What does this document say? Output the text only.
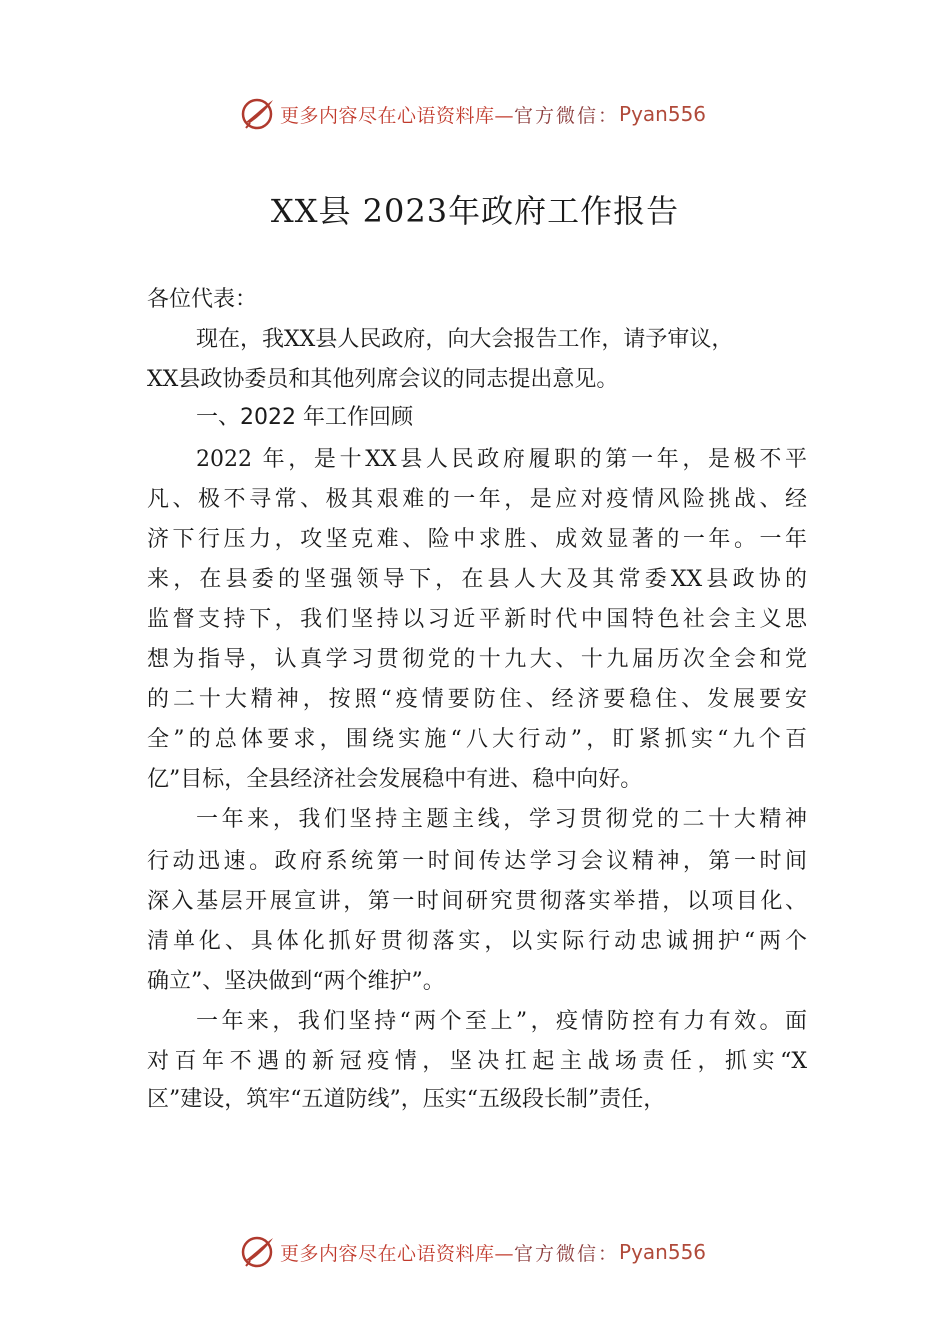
更多内容尽在心语资料库— 官方微信： Pyan556
XX县 2023年政府工作报告
各位代表：
现在，我XX县人民政府，向大会报告工作，请予审议，
XX县政协委员和其他列席会议的同志提出意见。
一、2022 年工作回顾
2022 年，是十XX县人民政府履职的第一年，是极不平
凡、极不寻常、极其艰难的一年，是应对疫情风险挑战、经
济下行压力，攻坚克难、险中求胜、成效显著的一年。一年
来，在县委的坚强领导下，在县人大及其常委XX县政协的
监督支持下，我们坚持以习近平新时代中国特色社会主义思
想为指导，认真学习贯彻党的十九大、十九届历次全会和党
的二十大精神，按照“疫情要防住、经济要稳住、发展要安
全”的总体要求，围绕实施“八大行动”，盯紧抓实“九个百
亿”目标，全县经济社会发展稳中有进、稳中向好。
一年来，我们坚持主题主线，学习贯彻党的二十大精神
行动迅速。政府系统第一时间传达学习会议精神，第一时间
深入基层开展宣讲，第一时间研究贯彻落实举措，以项目化、
清单化、具体化抓好贯彻落实，以实际行动忠诚拥护“两个
确立”、坚决做到“两个维护”。
一年来，我们坚持“两个至上”，疫情防控有力有效。面
对百年不遇的新冠疫情，坚决扛起主战场责任，抓实“X
区”建设，筑牢“五道防线”，压实“五级段长制”责任，
更多内容尽在心语资料库— 官方微信： Pyan556
